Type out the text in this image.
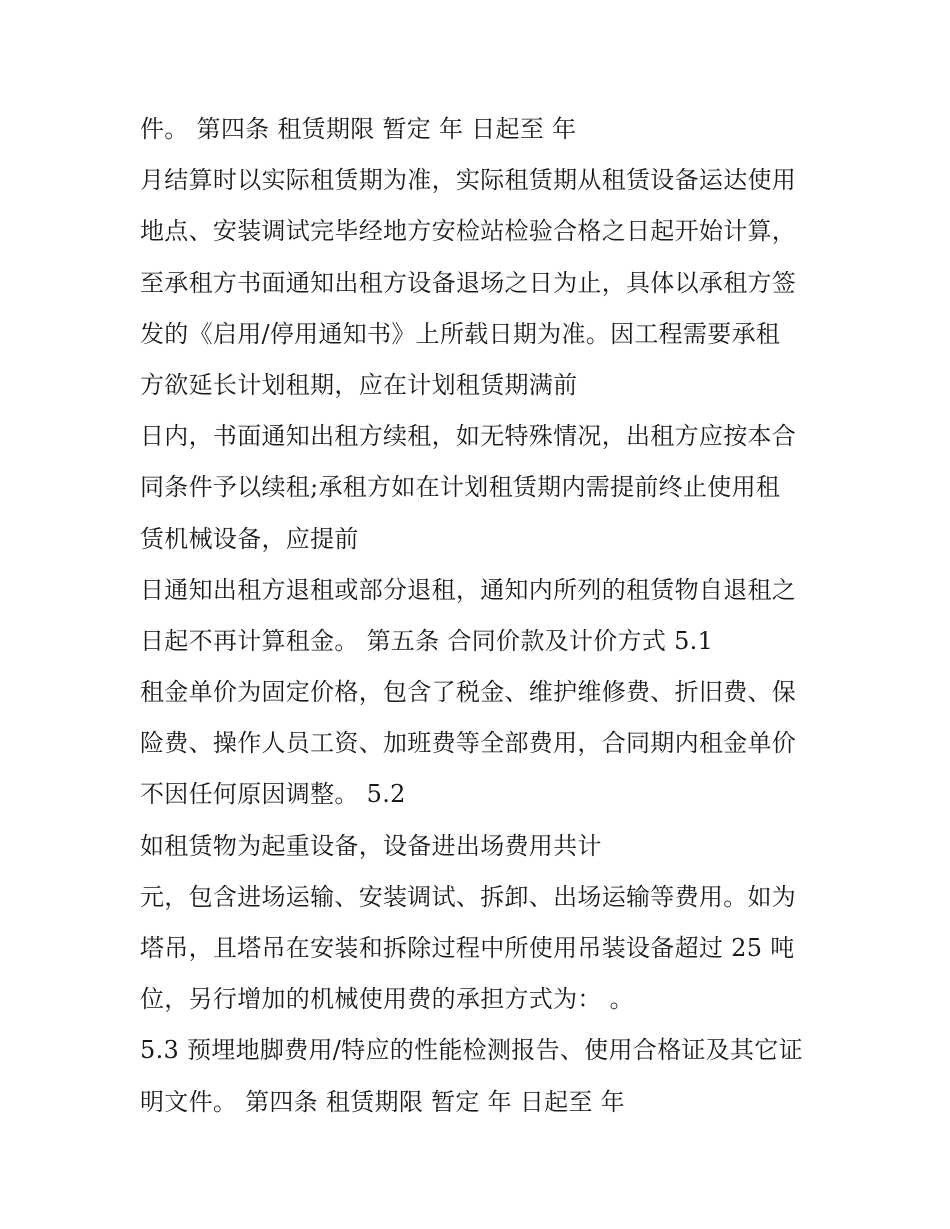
件。 第四条 租赁期限 暂定 年 日起至 年
月结算时以实际租赁期为准，实际租赁期从租赁设备运达使用
地点、安装调试完毕经地方安检站检验合格之日起开始计算，
至承租方书面通知出租方设备退场之日为止，具体以承租方签
发的《启用/停用通知书》上所载日期为准。因工程需要承租
方欲延长计划租期，应在计划租赁期满前
日内，书面通知出租方续租，如无特殊情况，出租方应按本合
同条件予以续租;承租方如在计划租赁期内需提前终止使用租
赁机械设备，应提前
日通知出租方退租或部分退租，通知内所列的租赁物自退租之
日起不再计算租金。 第五条 合同价款及计价方式 5.1
租金单价为固定价格，包含了税金、维护维修费、折旧费、保
险费、操作人员工资、加班费等全部费用，合同期内租金单价
不因任何原因调整。 5.2
如租赁物为起重设备，设备进出场费用共计
元，包含进场运输、安装调试、拆卸、出场运输等费用。如为
塔吊，且塔吊在安装和拆除过程中所使用吊装设备超过 25 吨
位，另行增加的机械使用费的承担方式为： 。
5.3 预埋地脚费用/特应的性能检测报告、使用合格证及其它证
明文件。 第四条 租赁期限 暂定 年 日起至 年
